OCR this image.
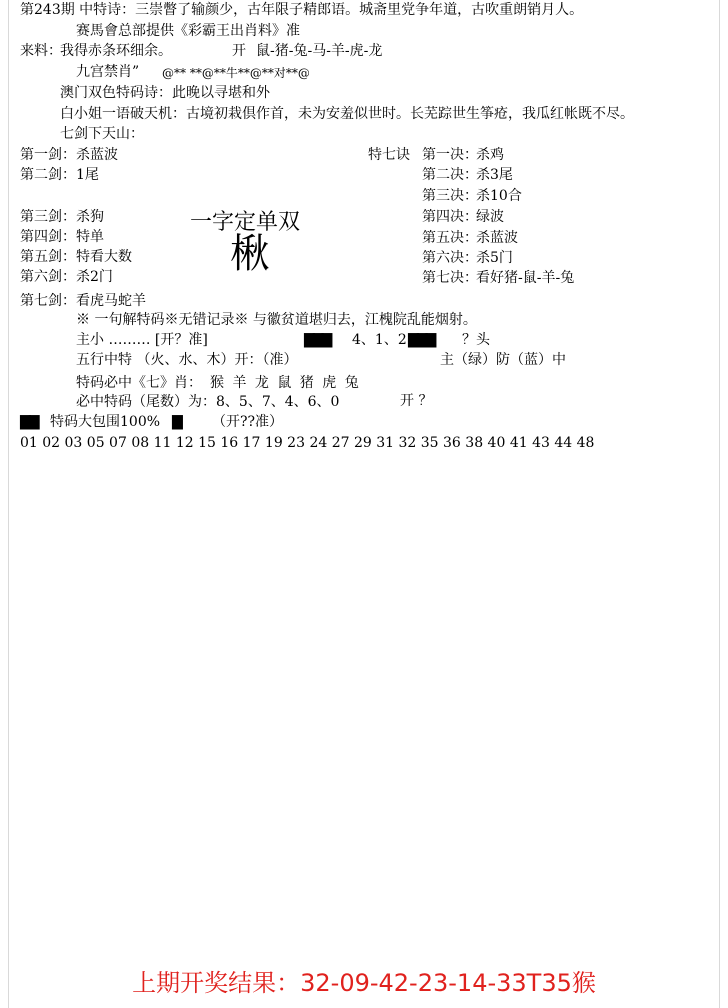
第243期 中特诗：三崇瞥了输颜少，古年限子精郎语。城斋里党争年道，古吹重朗销月人。
赛馬會总部提供《彩霸王出肖料》准
来料：
我得赤条环细余。	开 鼠-猪-兔-马-羊-虎-龙
九宫禁肖” @** **@**牛**@**对**@
澳门双色特码诗：此晚以寻堪和外
白小姐一语破天机：古境初栽倶作首，未为安羞似世时。长芜踪世生筝疮，我瓜红帐既不尽。
七剑下天山：
第一剑： 杀蓝波
第二剑： 1尾
第三剑： 杀狗
第四剑： 特单
第五剑： 特看大数
第六剑： 杀2门
第七剑： 看虎马蛇羊
一字定单双
楸
特七诀 第一决：
杀鸡
第二决：
杀3尾
第三决：
杀10合
第四决：
绿波
第五决：
杀蓝波
第六决：
杀5门
第七决：
看好猪-鼠-羊-兔
※ 一句解特码※无错记录※ 与徽贫道堪归去，江槐院乱能烟射。
主小 ……… [开？准]	▇▇▇ 4、1、2 ▇▇▇ ？头
五行中特 （火、水、木）开：（准）	主（绿）防（蓝）中
特码必中《七》肖： 猴 羊 龙 鼠 猪 虎 兔
必中特码（尾数）为：8、5、7、4、6、0	开 ？
▇▇ 特码大包围100% ▇ （开??准）
01 02 03 05 07 08 11 12 15 16 17 19 23 24 27 29 31 32 35 36 38 40 41 43 44 48
上期开奖结果：32-09-42-23-14-33T35猴
